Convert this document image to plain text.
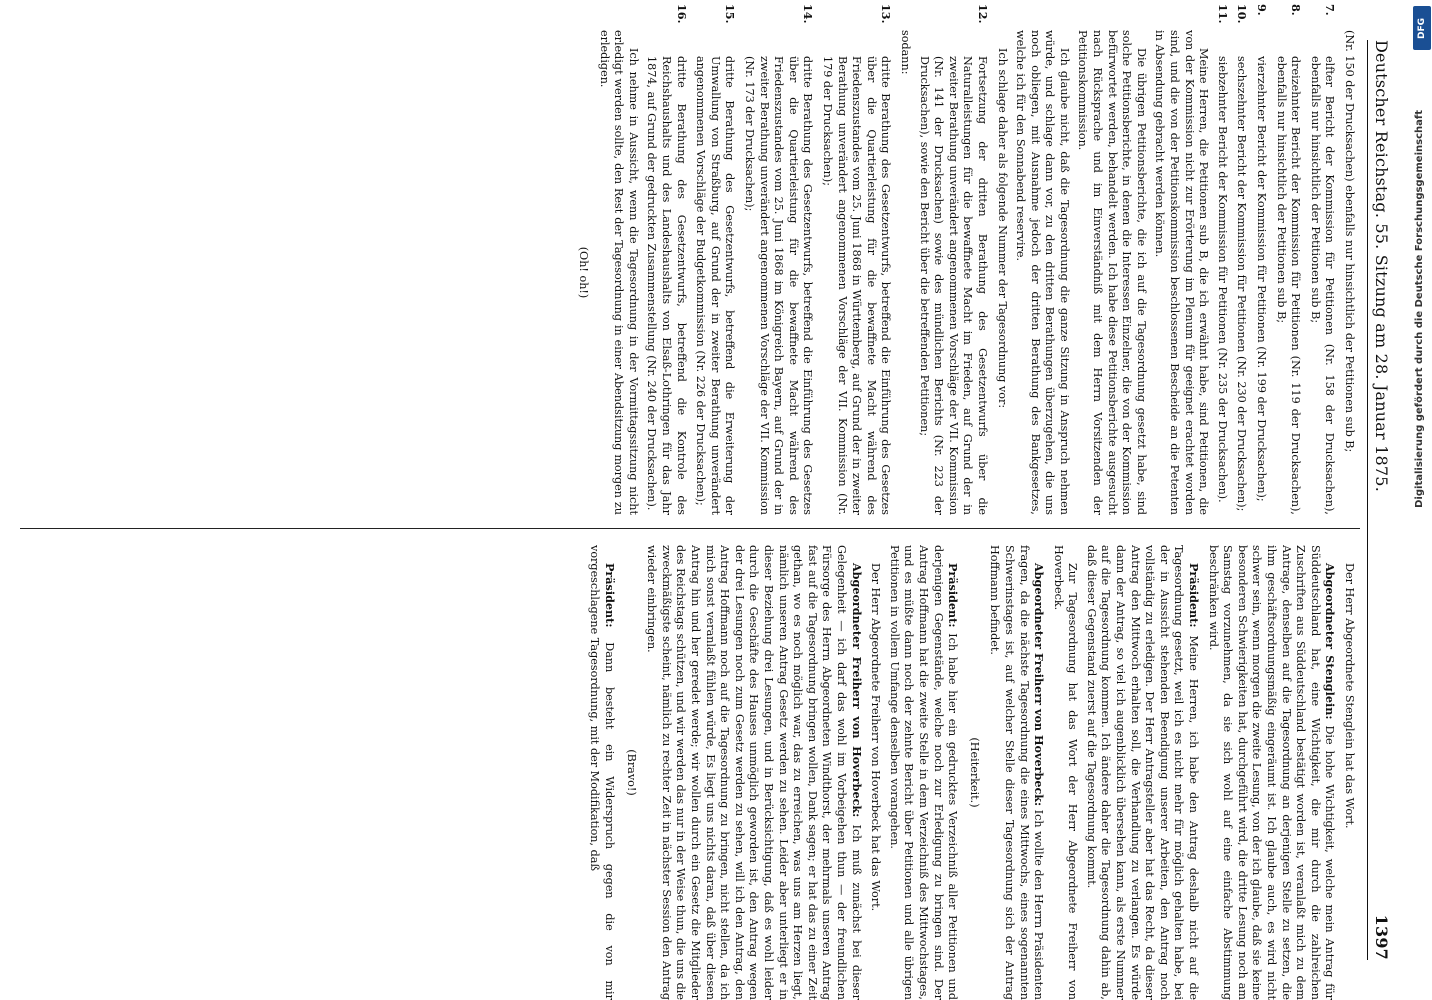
Deutscher Reichstag. 55. Sitzung am 28. Januar 1875.
1397

(Nr. 150 der Drucksachen) ebenfalls nur hinsichtlich der Petitionen sub B;

7.elfter Bericht der Kommission für Petitionen (Nr. 158 der Drucksachen), ebenfalls nur hinsichtlich der Petitionen sub B;

8.dreizehnter Bericht der Kommission für Petitionen (Nr. 119 der Drucksachen), ebenfalls nur hinsichtlich der Petitionen sub B;

9.vierzehnter Bericht der Kommission für Petitionen (Nr. 199 der Drucksachen);

10.sechszehnter Bericht der Kommission für Petitionen (Nr. 230 der Drucksachen);

11.siebzehnter Bericht der Kommission für Petitionen (Nr. 235 der Drucksachen).

Meine Herren, die Petitionen sub B, die ich erwähnt habe, sind Petitionen, die von der Kommission nicht zur Erörterung im Plenum für geeignet erachtet worden sind, und die von der Petitionskommission beschlossenen Bescheide an die Petenten in Absendung gebracht werden können.

Die übrigen Petitionsberichte, die ich auf die Tagesordnung gesetzt habe, sind solche Petitionsberichte, in denen die Interessen Einzelner, die von der Kommission befürwortet werden, behandelt werden. Ich habe diese Petitionsberichte ausgesucht nach Rücksprache und im Einverständniß mit dem Herrn Vorsitzenden der Petitionskommission.

Ich glaube nicht, daß die Tagesordnung die ganze Sitzung in Anspruch nehmen würde, und schlage dann vor, zu den dritten Berathungen überzugehen, die uns noch obliegen, mit Ausnahme jedoch der dritten Berathung des Bankgesetzes, welche ich für den Sonnabend reservire.

Ich schlage daher als folgende Nummer der Tagesordnung vor:

12.Fortsetzung der dritten Berathung des Gesetzentwurfs über die Naturalleistungen für die bewaffnete Macht im Frieden, auf Grund der in zweiter Berathung unverändert angenommenen Vorschläge der VII. Kommission (Nr. 141 der Drucksachen) sowie des mündlichen Berichts (Nr. 223 der Drucksachen), sowie den Bericht über die betreffenden Petitionen;

sodann:

13.dritte Berathung des Gesetzentwurfs, betreffend die Einführung des Gesetzes über die Quartierleistung für die bewaffnete Macht während des Friedenszustandes vom 25. Juni 1868 in Württemberg, auf Grund der in zweiter Berathung unverändert angenommenen Vorschläge der VII. Kommission (Nr. 179 der Drucksachen);

14.dritte Berathung des Gesetzentwurfs, betreffend die Einführung des Gesetzes über die Quartierleistung für die bewaffnete Macht während des Friedenszustandes vom 25. Juni 1868 im Königreich Bayern, auf Grund der in zweiter Berathung unverändert angenommenen Vorschläge der VII. Kommission (Nr. 173 der Drucksachen);

15.dritte Berathung des Gesetzentwurfs, betreffend die Erweiterung der Umwallung von Straßburg, auf Grund der in zweiter Berathung unverändert angenommenen Vorschläge der Budgetkommission (Nr. 226 der Drucksachen);

16.dritte Berathung des Gesetzentwurfs, betreffend die Kontrole des Reichshaushalts und des Landeshaushalts von Elsaß-Lothringen für das Jahr 1874, auf Grund der gedruckten Zusammenstellung (Nr. 240 der Drucksachen).

Ich nehme in Aussicht, wenn die Tagesordnung in der Vormittagssitzung nicht erledigt werden sollte, den Rest der Tagesordnung in einer Abendsitzung morgen zu erledigen.

(Oh! oh!)

Der Herr Abgeordnete Stenglein hat das Wort.

Abgeordneter Stenglein: Die hohe Wichtigkeit, welche mein Antrag für Süddeutschland hat, eine Wichtigkeit, die mir durch die zahlreichen Zuschriften aus Süddeutschland bestätigt worden ist, veranlaßt mich zu dem Antrage, denselben auf die Tagesordnung an derjenigen Stelle zu setzen, die ihm geschäftsordnungsmäßig eingeräumt ist. Ich glaube auch, es wird nicht schwer sein, wenn morgen die zweite Lesung, von der ich glaube, daß sie keine besonderen Schwierigkeiten hat, durchgeführt wird, die dritte Lesung noch am Samstag vorzunehmen, da sie sich wohl auf eine einfache Abstimmung beschränken wird.

Präsident: Meine Herren, ich habe den Antrag deshalb nicht auf die Tagesordnung gesetzt, weil ich es nicht mehr für möglich gehalten habe, bei der in Aussicht stehenden Beendigung unserer Arbeiten, den Antrag noch vollständig zu erledigen. Der Herr Antragsteller aber hat das Recht, da dieser Antrag den Mittwoch erhalten soll, die Verhandlung zu verlangen. Es würde dann der Antrag, so viel ich augenblicklich übersehen kann, als erste Nummer auf die Tagesordnung kommen. Ich ändere daher die Tagesordnung dahin ab, daß dieser Gegenstand zuerst auf die Tagesordnung kommt.

Zur Tagesordnung hat das Wort der Herr Abgeordnete Freiherr von Hoverbeck.

Abgeordneter Freiherr von Hoverbeck: Ich wollte den Herrn Präsidenten fragen, da die nächste Tagesordnung die eines Mittwochs, eines sogenannten Schwerinstages ist, auf welcher Stelle dieser Tagesordnung sich der Antrag Hoffmann befindet.

(Heiterkeit.)

Präsident: Ich habe hier ein gedrucktes Verzeichniß aller Petitionen und derjenigen Gegenstände, welche noch zur Erledigung zu bringen sind. Der Antrag Hoffmann hat die zweite Stelle in dem Verzeichniß des Mittwochstages, und es müßte dann noch der zehnte Bericht über Petitionen und alle übrigen Petitionen in vollem Umfange denselben vorangehen.

Der Herr Abgeordnete Freiherr von Hoverbeck hat das Wort.

Abgeordneter Freiherr von Hoverbeck: Ich muß zunächst bei dieser Gelegenheit — ich darf das wohl im Vorbeigehen thun — der freundlichen Fürsorge des Herrn Abgeordneten Windthorst, der mehrmals unseren Antrag fast auf die Tagesordnung bringen wollen, Dank sagen; er hat das zu einer Zeit gethan, wo es noch möglich war, das zu erreichen, was uns am Herzen liegt, nämlich unseren Antrag Gesetz werden zu sehen. Leider aber unterliegt er in dieser Beziehung drei Lesungen, und in Berücksichtigung, daß es wohl leider durch die Geschäfte des Hauses unmöglich geworden ist, den Antrag wegen der drei Lesungen noch zum Gesetz werden zu sehen, will ich den Antrag, den Antrag Hoffmann noch auf die Tagesordnung zu bringen, nicht stellen, da ich mich sonst veranlaßt fühlen würde, Es liegt uns nichts daran, daß über diesen Antrag hin und her geredet werde; wir wollen durch ein Gesetz die Mitglieder des Reichstags schützen, und wir werden das nur in der Weise thun, die uns die zweckmäßigste scheint, nämlich zu rechter Zeit in nächster Session den Antrag wieder einbringen.

(Bravo!)

Präsident: Dann besteht ein Widerspruch gegen die von mir vorgeschlagene Tagesordnung, mit der Modifikation, daß

DFG
Digitalisierung gefördert durch die Deutsche Forschungsgemeinschaft
